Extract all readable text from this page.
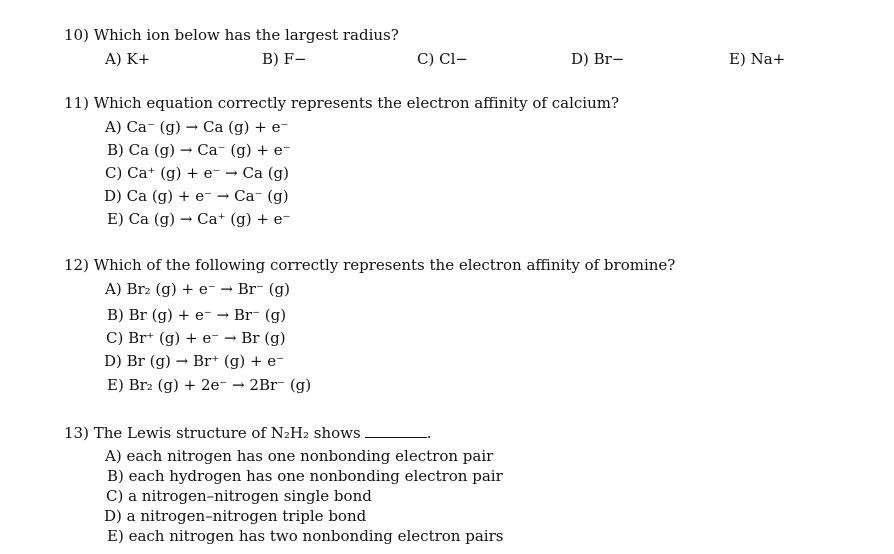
10) Which ion below has the largest radius?
A) K+	B) F−	C) Cl−	D) Br−	E) Na+
11) Which equation correctly represents the electron affinity of calcium?
A) Ca⁻ (g) → Ca (g) + e⁻
B) Ca (g) → Ca⁻ (g) + e⁻
C) Ca⁺ (g) + e⁻ → Ca (g)
D) Ca (g) + e⁻ → Ca⁻ (g)
E) Ca (g) → Ca⁺ (g) + e⁻
12) Which of the following correctly represents the electron affinity of bromine?
A) Br₂ (g) + e⁻ → Br⁻ (g)
B) Br (g) + e⁻ → Br⁻ (g)
C) Br⁺ (g) + e⁻ → Br (g)
D) Br (g) → Br⁺ (g) + e⁻
E) Br₂ (g) + 2e⁻ → 2Br⁻ (g)
13) The Lewis structure of N₂H₂ shows	.
A) each nitrogen has one nonbonding electron pair
B) each hydrogen has one nonbonding electron pair
C) a nitrogen–nitrogen single bond
D) a nitrogen–nitrogen triple bond
E) each nitrogen has two nonbonding electron pairs
